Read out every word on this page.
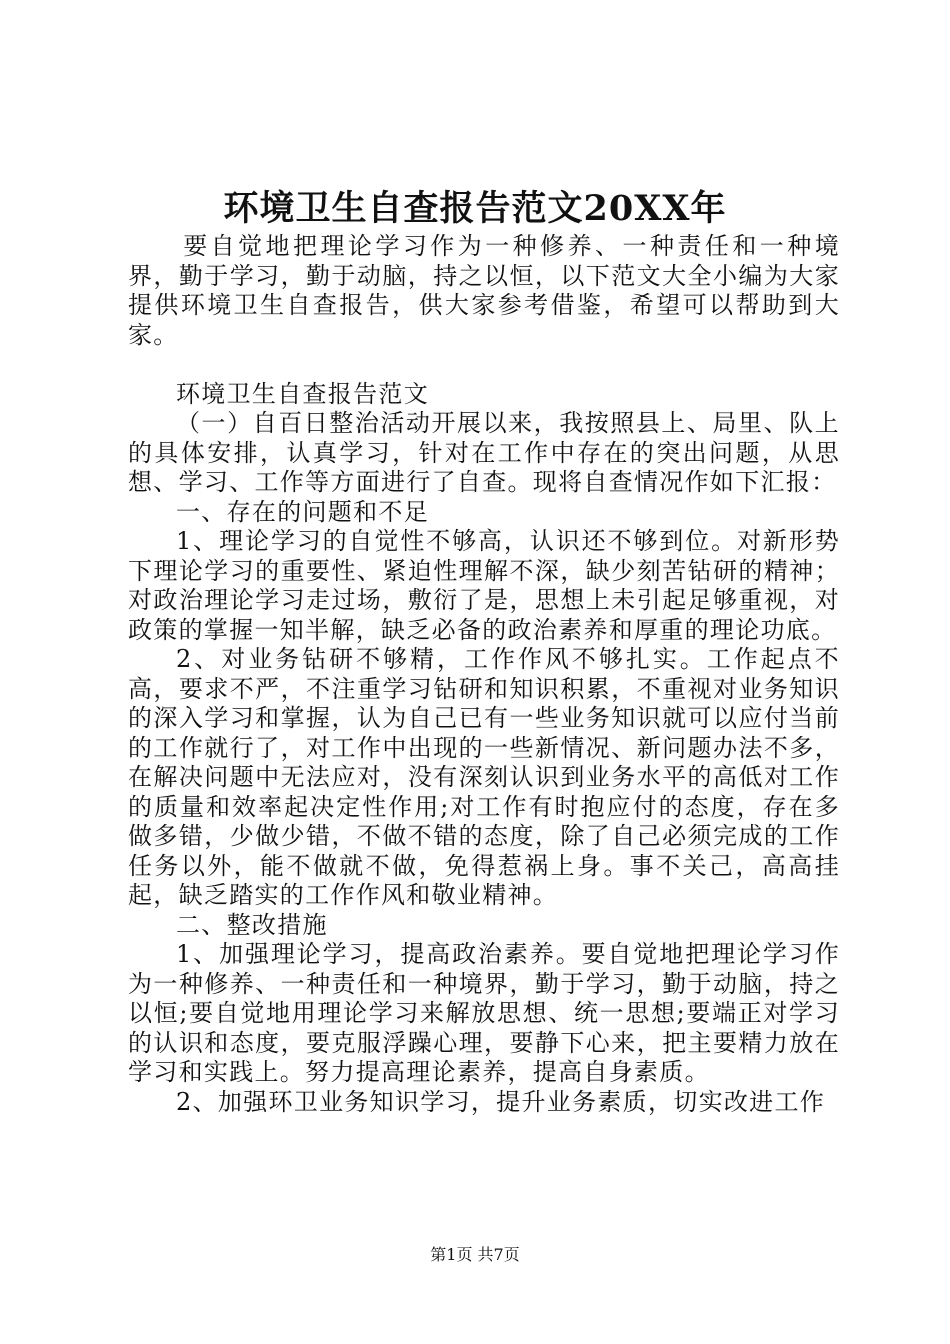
环境卫生自查报告范文20XX年

要自觉地把理论学习作为一种修养、一种责任和一种境界，勤于学习，勤于动脑，持之以恒，以下范文大全小编为大家提供环境卫生自查报告，供大家参考借鉴，希望可以帮助到大家。

环境卫生自查报告范文

（一）自百日整治活动开展以来，我按照县上、局里、队上的具体安排，认真学习，针对在工作中存在的突出问题，从思想、学习、工作等方面进行了自查。现将自查情况作如下汇报：

一、存在的问题和不足

1、理论学习的自觉性不够高，认识还不够到位。对新形势下理论学习的重要性、紧迫性理解不深，缺少刻苦钻研的精神；对政治理论学习走过场，敷衍了是，思想上未引起足够重视，对政策的掌握一知半解，缺乏必备的政治素养和厚重的理论功底。

2、对业务钻研不够精，工作作风不够扎实。工作起点不高，要求不严，不注重学习钻研和知识积累，不重视对业务知识的深入学习和掌握，认为自己已有一些业务知识就可以应付当前的工作就行了，对工作中出现的一些新情况、新问题办法不多，在解决问题中无法应对，没有深刻认识到业务水平的高低对工作的质量和效率起决定性作用;对工作有时抱应付的态度，存在多做多错，少做少错，不做不错的态度，除了自己必须完成的工作任务以外，能不做就不做，免得惹祸上身。事不关己，高高挂起，缺乏踏实的工作作风和敬业精神。

二、整改措施

1、加强理论学习，提高政治素养。要自觉地把理论学习作为一种修养、一种责任和一种境界，勤于学习，勤于动脑，持之以恒;要自觉地用理论学习来解放思想、统一思想;要端正对学习的认识和态度，要克服浮躁心理，要静下心来，把主要精力放在学习和实践上。努力提高理论素养，提高自身素质。

2、加强环卫业务知识学习，提升业务素质，切实改进工作

第1页 共7页
